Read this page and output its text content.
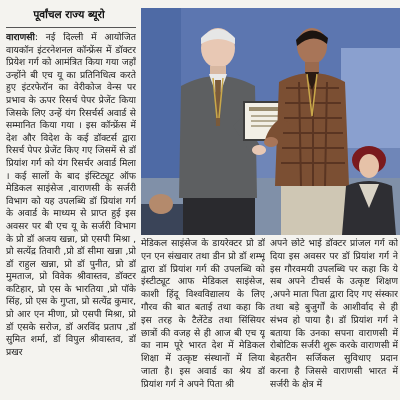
पूर्वांचल राज्य ब्यूरो
वाराणसी: नई दिल्ली में आयोजित वायकॉन इंटरनेशनल कॉन्फ्रेंस में डॉक्टर प्रियेश गर्ग को आमंत्रित किया गया जहाँ उन्होंने बी एच यू का प्रतिनिधित्व करते हुए इंटरफेरॉन का वेरीकोज वेन्स पर प्रभाव के ऊपर रिसर्च पेपर प्रेजेंट किया जिसके लिए उन्हें यंग रिसर्चर्स अवार्ड से सम्मानित किया गया । इस कॉन्फ्रेंस में देश और विदेश के कई डॉक्टर्स द्वारा रिसर्च पेपर प्रेजेंट किए गए जिसमें से डॉ प्रियांश गर्ग को यंग रिसर्चर अवार्ड मिला । कई सालों के बाद इंस्टिट्यूट ऑफ मेडिकल साइंसेज ,वाराणसी के सर्जरी विभाग को यह उपलब्धि डॉ प्रियांश गर्ग के अवार्ड के माध्यम से प्राप्त हुई इस अवसर पर बी एच यू के सर्जरी विभाग के प्रो डॉ अजय खन्ना, प्रो एसपी मिश्रा , प्रो सत्येंद्र तिवारी ,प्रो डॉ सीमा खन्ना ,प्रो डॉ राहुल खन्ना, प्रो डॉ पुनीत, प्रो डॉ मुमताज, प्रो विवेक श्रीवास्तव, डॉक्टर कटिहार, प्रो एस के भारतिया ,प्रो पॉके सिंह, प्रो एस के गुप्ता, प्रो सत्येंद्र कुमार, प्रो आर एन मीणा, प्रो एसपी मिश्रा, प्रो डॉ एसके सरोज, डॉ अरविंद प्रताप ,डॉ सुमित शर्मा, डॉ विपुल श्रीवास्तव, डॉ प्रखर
मेडिकल साइंसेज के डायरेक्टर प्रो डॉ एन एन संखवार तथा डीन प्रो डॉ शम्भू द्वारा डॉ प्रियांश गर्ग की उपलब्धि को इंस्टीट्यूट आफ मेडिकल साइंसेज, काशी हिंदू विश्वविद्यालय के लिए गौरव की बात बताई तथा कहा कि इस तरह के टैलेंटेड तथा सिंसियर छात्रों की वजह से ही आज बी एच यू का नाम पूरे भारत देश में मेडिकल शिक्षा में उत्कृष्ट संस्थानों में लिया जाता है। इस अवार्ड का श्रेय डॉ प्रियांश गर्ग ने अपने पिता श्री
अपने छोटे भाई डॉक्टर प्रांजल गर्ग को दिया इस अवसर पर डॉ प्रियांश गर्ग ने इस गौरवमयी उपलब्धि पर कहा कि ये सब अपने टीचर्स के उत्कृष्ट शिक्षण ,अपने माता पिता द्वारा दिए गए संस्कार तथा बड़े बुजुर्गों के आशीर्वाद से ही संभव हो पाया है। डॉ प्रियांश गर्ग ने बताया कि उनका सपना वाराणसी में रोबोटिक सर्जरी शुरू करके वाराणसी में बेहतरीन सर्जिकल सुविधाए प्रदान करना है जिससे वाराणसी भारत में सर्जरी के क्षेत्र में
